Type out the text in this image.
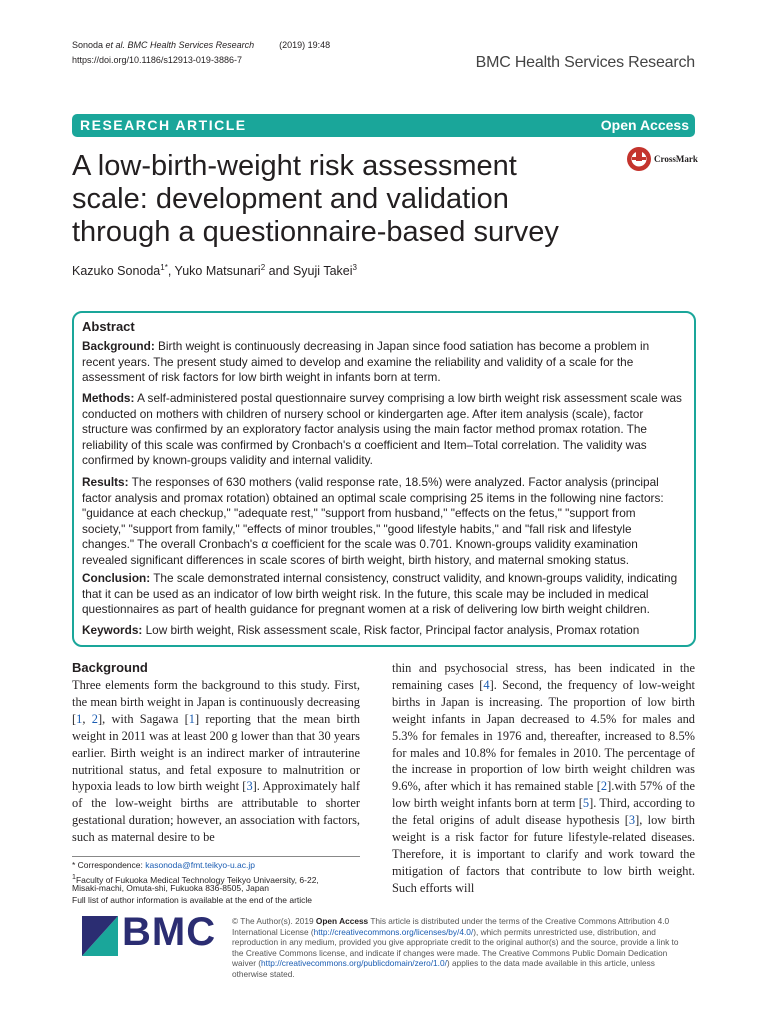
Sonoda et al. BMC Health Services Research	(2019) 19:48
https://doi.org/10.1186/s12913-019-3886-7	BMC Health Services Research
RESEARCH ARTICLE	Open Access
A low-birth-weight risk assessment scale: development and validation through a questionnaire-based survey
CrossMark
Kazuko Sonoda$^{1*}$, Yuko Matsunari$^2$ and Syuji Takei$^3$
Abstract
Background: Birth weight is continuously decreasing in Japan since food satiation has become a problem in recent years. The present study aimed to develop and examine the reliability and validity of a scale for the assessment of risk factors for low birth weight in infants born at term.
Methods: A self-administered postal questionnaire survey comprising a low birth weight risk assessment scale was conducted on mothers with children of nursery school or kindergarten age. After item analysis (scale), factor structure was confirmed by an exploratory factor analysis using the main factor method promax rotation. The reliability of this scale was confirmed by Cronbach's α coefficient and Item–Total correlation. The validity was confirmed by known-groups validity and internal validity.
Results: The responses of 630 mothers (valid response rate, 18.5%) were analyzed. Factor analysis (principal factor analysis and promax rotation) obtained an optimal scale comprising 25 items in the following nine factors: "guidance at each checkup," "adequate rest," "support from husband," "effects on the fetus," "support from society," "support from family," "effects of minor troubles," "good lifestyle habits," and "fall risk and lifestyle changes." The overall Cronbach's α coefficient for the scale was 0.701. Known-groups validity examination revealed significant differences in scale scores of birth weight, birth history, and maternal smoking status.
Conclusion: The scale demonstrated internal consistency, construct validity, and known-groups validity, indicating that it can be used as an indicator of low birth weight risk. In the future, this scale may be included in medical questionnaires as part of health guidance for pregnant women at a risk of delivering low birth weight children.
Keywords: Low birth weight, Risk assessment scale, Risk factor, Principal factor analysis, Promax rotation
Background
Three elements form the background to this study. First, the mean birth weight in Japan is continuously decreasing [1, 2], with Sagawa [1] reporting that the mean birth weight in 2011 was at least 200 g lower than that 30 years earlier. Birth weight is an indirect marker of intrauterine nutritional status, and fetal exposure to malnutrition or hypoxia leads to low birth weight [3]. Approximately half of the low-weight births are attributable to shorter gestational duration; however, an association with factors, such as maternal desire to be
thin and psychosocial stress, has been indicated in the remaining cases [4]. Second, the frequency of low-weight births in Japan is increasing. The proportion of low birth weight infants in Japan decreased to 4.5% for males and 5.3% for females in 1976 and, thereafter, increased to 8.5% for males and 10.8% for females in 2010. The percentage of the increase in proportion of low birth weight children was 9.6%, after which it has remained stable [2].with 57% of the low birth weight infants born at term [5]. Third, according to the fetal origins of adult disease hypothesis [3], low birth weight is a risk factor for future lifestyle-related diseases. Therefore, it is important to clarify and work toward the mitigation of factors that contribute to low birth weight. Such efforts will
* Correspondence: kasonoda@fmt.teikyo-u.ac.jp
$^1$Faculty of Fukuoka Medical Technology Teikyo Univaersity, 6-22,
Misaki-machi, Omuta-shi, Fukuoka 836-8505, Japan
Full list of author information is available at the end of the article
BMC © The Author(s). 2019 Open Access This article is distributed under the terms of the Creative Commons Attribution 4.0 International License (http://creativecommons.org/licenses/by/4.0/), which permits unrestricted use, distribution, and reproduction in any medium, provided you give appropriate credit to the original author(s) and the source, provide a link to the Creative Commons license, and indicate if changes were made. The Creative Commons Public Domain Dedication waiver (http://creativecommons.org/publicdomain/zero/1.0/) applies to the data made available in this article, unless otherwise stated.
